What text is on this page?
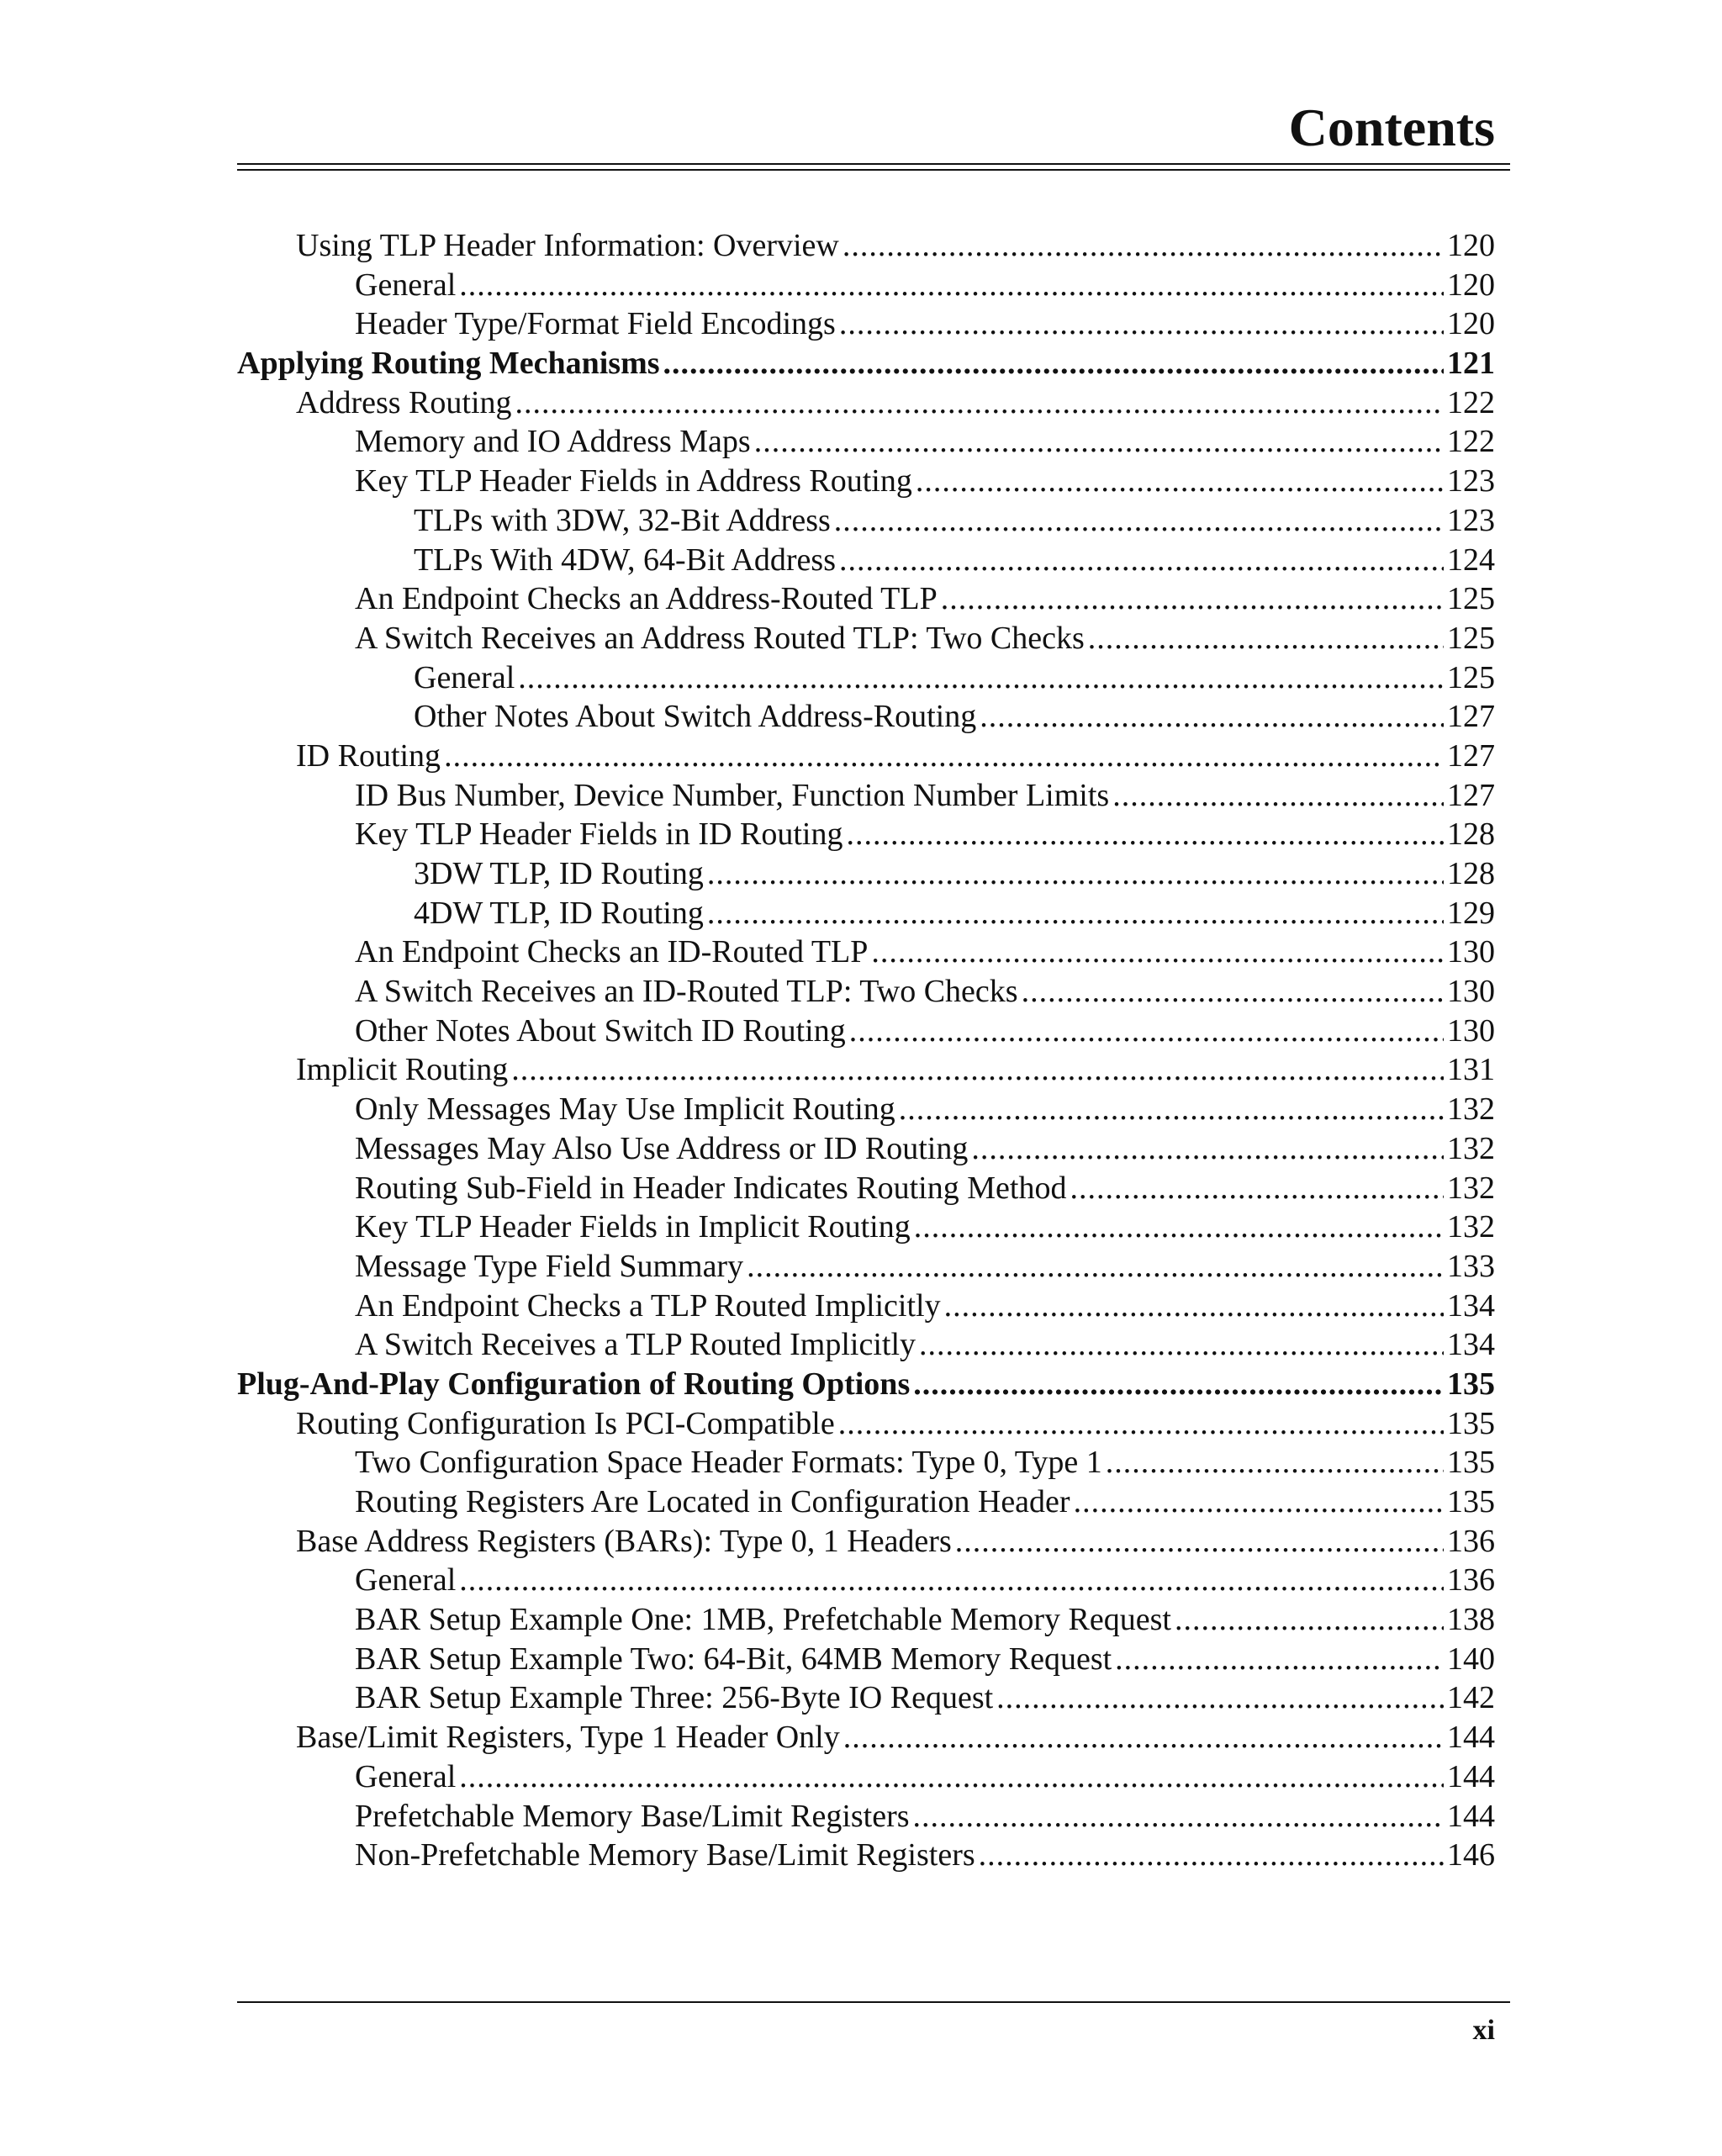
Contents
Using TLP Header Information: Overview .....	120
General .....	120
Header Type/Format Field Encodings .....	120
Applying Routing Mechanisms .....	121
Address Routing .....	122
Memory and IO Address Maps .....	122
Key TLP Header Fields in Address Routing .....	123
TLPs with 3DW, 32-Bit Address .....	123
TLPs With 4DW, 64-Bit Address .....	124
An Endpoint Checks an Address-Routed TLP .....	125
A Switch Receives an Address Routed TLP: Two Checks .....	125
General .....	125
Other Notes About Switch Address-Routing .....	127
ID Routing .....	127
ID Bus Number, Device Number, Function Number Limits .....	127
Key TLP Header Fields in ID Routing .....	128
3DW TLP, ID Routing .....	128
4DW TLP, ID Routing .....	129
An Endpoint Checks an ID-Routed TLP .....	130
A Switch Receives an ID-Routed TLP: Two Checks .....	130
Other Notes About Switch ID Routing .....	130
Implicit Routing .....	131
Only Messages May Use Implicit Routing .....	132
Messages May Also Use Address or ID Routing .....	132
Routing Sub-Field in Header Indicates Routing Method .....	132
Key TLP Header Fields in Implicit Routing .....	132
Message Type Field Summary .....	133
An Endpoint Checks a TLP Routed Implicitly .....	134
A Switch Receives a TLP Routed Implicitly .....	134
Plug-And-Play Configuration of Routing Options .....	135
Routing Configuration Is PCI-Compatible .....	135
Two Configuration Space Header Formats: Type 0, Type 1 .....	135
Routing Registers Are Located in Configuration Header .....	135
Base Address Registers (BARs): Type 0, 1 Headers .....	136
General .....	136
BAR Setup Example One: 1MB, Prefetchable Memory Request .....	138
BAR Setup Example Two: 64-Bit, 64MB Memory Request .....	140
BAR Setup Example Three: 256-Byte IO Request .....	142
Base/Limit Registers, Type 1 Header Only .....	144
General .....	144
Prefetchable Memory Base/Limit Registers .....	144
Non-Prefetchable Memory Base/Limit Registers .....	146
xi
